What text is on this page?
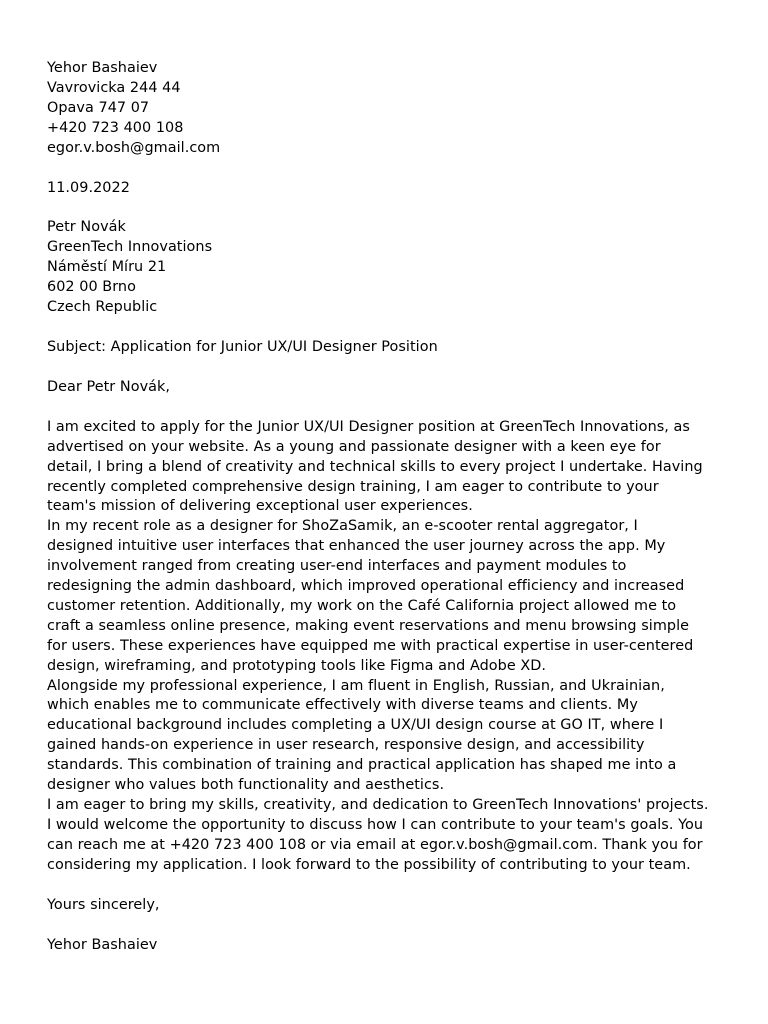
Yehor Bashaiev
Vavrovicka 244 44
Opava 747 07
+420 723 400 108
egor.v.bosh@gmail.com
11.09.2022
Petr Novák
GreenTech Innovations
Náměstí Míru 21
602 00 Brno
Czech Republic
Subject: Application for Junior UX/UI Designer Position
Dear Petr Novák,
I am excited to apply for the Junior UX/UI Designer position at GreenTech Innovations, as
advertised on your website. As a young and passionate designer with a keen eye for
detail, I bring a blend of creativity and technical skills to every project I undertake. Having
recently completed comprehensive design training, I am eager to contribute to your
team's mission of delivering exceptional user experiences.
In my recent role as a designer for ShoZaSamik, an e-scooter rental aggregator, I
designed intuitive user interfaces that enhanced the user journey across the app. My
involvement ranged from creating user-end interfaces and payment modules to
redesigning the admin dashboard, which improved operational efficiency and increased
customer retention. Additionally, my work on the Café California project allowed me to
craft a seamless online presence, making event reservations and menu browsing simple
for users. These experiences have equipped me with practical expertise in user-centered
design, wireframing, and prototyping tools like Figma and Adobe XD.
Alongside my professional experience, I am fluent in English, Russian, and Ukrainian,
which enables me to communicate effectively with diverse teams and clients. My
educational background includes completing a UX/UI design course at GO IT, where I
gained hands-on experience in user research, responsive design, and accessibility
standards. This combination of training and practical application has shaped me into a
designer who values both functionality and aesthetics.
I am eager to bring my skills, creativity, and dedication to GreenTech Innovations' projects.
I would welcome the opportunity to discuss how I can contribute to your team's goals. You
can reach me at +420 723 400 108 or via email at egor.v.bosh@gmail.com. Thank you for
considering my application. I look forward to the possibility of contributing to your team.
Yours sincerely,
Yehor Bashaiev
